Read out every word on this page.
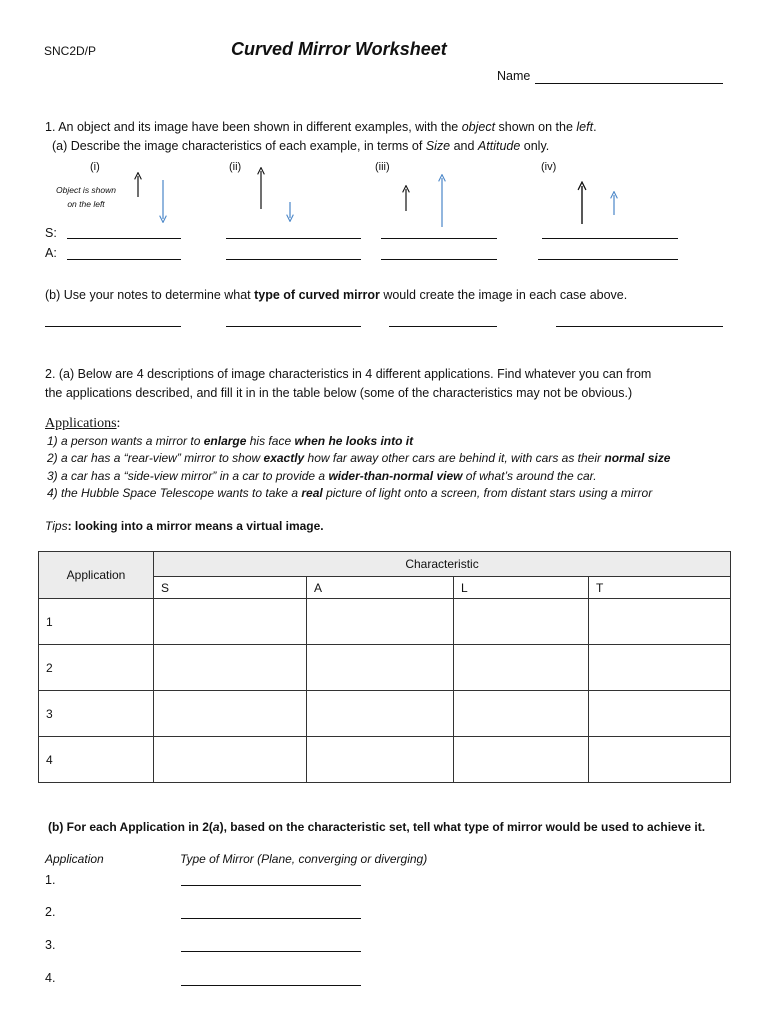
SNC2D/P	Curved Mirror Worksheet
Name
1. An object and its image have been shown in different examples, with the object shown on the left.
(a) Describe the image characteristics of each example, in terms of Size and Attitude only.
(i)	(ii)	(iii)	(iv)
Object is shown
on the left
S:
A:
(b) Use your notes to determine what type of curved mirror would create the image in each case above.
2. (a) Below are 4 descriptions of image characteristics in 4 different applications. Find whatever you can from
the applications described, and fill it in in the table below (some of the characteristics may not be obvious.)
Applications:
1) a person wants a mirror to enlarge his face when he looks into it
2) a car has a “rear-view” mirror to show exactly how far away other cars are behind it, with cars as their normal size
3) a car has a “side-view mirror” in a car to provide a wider-than-normal view of what’s around the car.
4) the Hubble Space Telescope wants to take a real picture of light onto a screen, from distant stars using a mirror
Tips: looking into a mirror means a virtual image.
Application	Characteristic			
	S	A	L	T
1				
2				
3				
4				
(b) For each Application in 2(a), based on the characteristic set, tell what type of mirror would be used to achieve it.
Application	Type of Mirror (Plane, converging or diverging)
1.
2.
3.
4.
